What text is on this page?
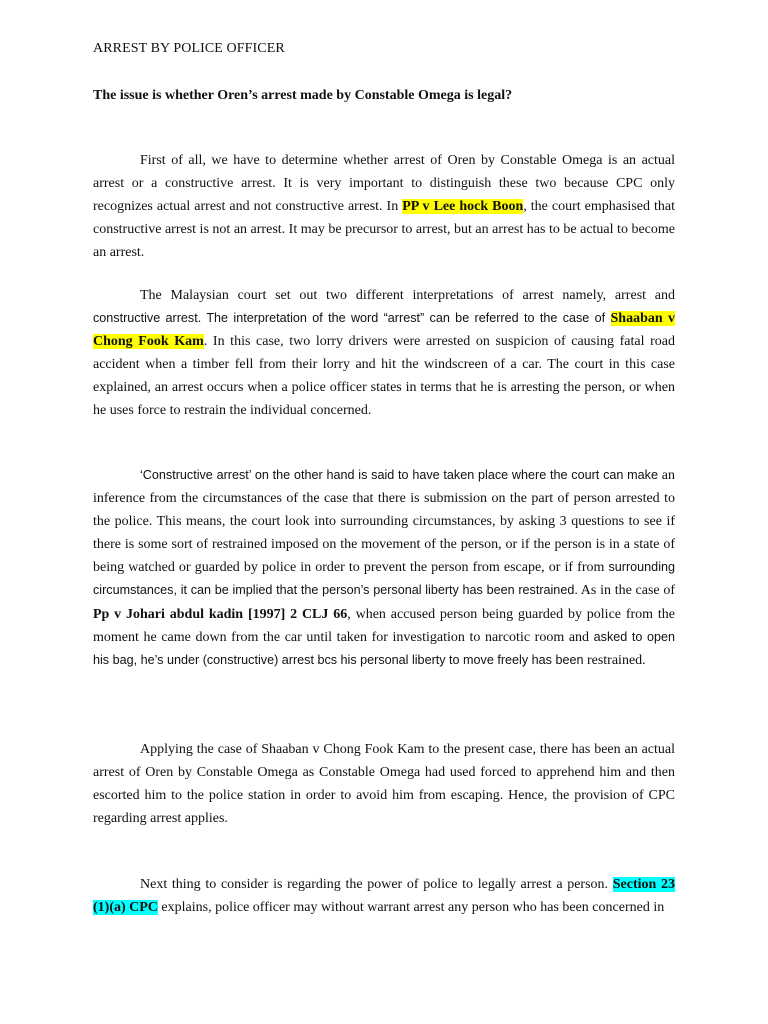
ARREST BY POLICE OFFICER
The issue is whether Oren’s arrest made by Constable Omega is legal?
First of all, we have to determine whether arrest of Oren by Constable Omega is an actual arrest or a constructive arrest. It is very important to distinguish these two because CPC only recognizes actual arrest and not constructive arrest. In PP v Lee hock Boon, the court emphasised that constructive arrest is not an arrest. It may be precursor to arrest, but an arrest has to be actual to become an arrest.
The Malaysian court set out two different interpretations of arrest namely, arrest and constructive arrest. The interpretation of the word “arrest” can be referred to the case of Shaaban v Chong Fook Kam. In this case, two lorry drivers were arrested on suspicion of causing fatal road accident when a timber fell from their lorry and hit the windscreen of a car. The court in this case explained, an arrest occurs when a police officer states in terms that he is arresting the person, or when he uses force to restrain the individual concerned.
‘Constructive arrest’ on the other hand is said to have taken place where the court can make an inference from the circumstances of the case that there is submission on the part of person arrested to the police. This means, the court look into surrounding circumstances, by asking 3 questions to see if there is some sort of restrained imposed on the movement of the person, or if the person is in a state of being watched or guarded by police in order to prevent the person from escape, or if from surrounding circumstances, it can be implied that the person’s personal liberty has been restrained. As in the case of Pp v Johari abdul kadin [1997] 2 CLJ 66, when accused person being guarded by police from the moment he came down from the car until taken for investigation to narcotic room and asked to open his bag, he’s under (constructive) arrest bcs his personal liberty to move freely has been restrained.
Applying the case of Shaaban v Chong Fook Kam to the present case, there has been an actual arrest of Oren by Constable Omega as Constable Omega had used forced to apprehend him and then escorted him to the police station in order to avoid him from escaping. Hence, the provision of CPC regarding arrest applies.
Next thing to consider is regarding the power of police to legally arrest a person. Section 23 (1)(a) CPC explains, police officer may without warrant arrest any person who has been concerned in
